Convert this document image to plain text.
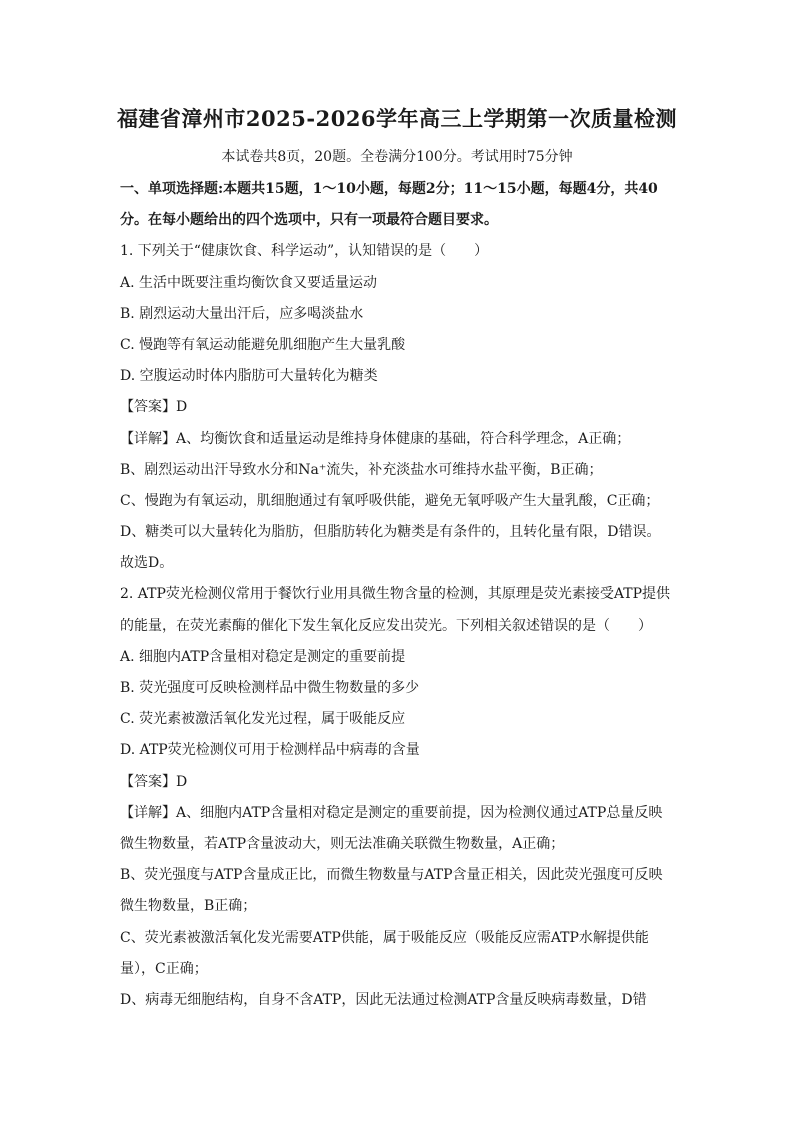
福建省漳州市2025-2026学年高三上学期第一次质量检测
本试卷共8页，20题。全卷满分100分。考试用时75分钟
一、单项选择题:本题共15题，1～10小题，每题2分；11～15小题，每题4分，共40
分。在每小题给出的四个选项中，只有一项最符合题目要求。
1. 下列关于“健康饮食、科学运动”，认知错误的是（　　）
A. 生活中既要注重均衡饮食又要适量运动
B. 剧烈运动大量出汗后，应多喝淡盐水
C. 慢跑等有氧运动能避免肌细胞产生大量乳酸
D. 空腹运动时体内脂肪可大量转化为糖类
【答案】D
【详解】A、均衡饮食和适量运动是维持身体健康的基础，符合科学理念，A正确；
B、剧烈运动出汗导致水分和Na⁺流失，补充淡盐水可维持水盐平衡，B正确；
C、慢跑为有氧运动，肌细胞通过有氧呼吸供能，避免无氧呼吸产生大量乳酸，C正确；
D、糖类可以大量转化为脂肪，但脂肪转化为糖类是有条件的，且转化量有限，D错误。
故选D。
2. ATP荧光检测仪常用于餐饮行业用具微生物含量的检测，其原理是荧光素接受ATP提供
的能量，在荧光素酶的催化下发生氧化反应发出荧光。下列相关叙述错误的是（　　）
A. 细胞内ATP含量相对稳定是测定的重要前提
B. 荧光强度可反映检测样品中微生物数量的多少
C. 荧光素被激活氧化发光过程，属于吸能反应
D. ATP荧光检测仪可用于检测样品中病毒的含量
【答案】D
【详解】A、细胞内ATP含量相对稳定是测定的重要前提，因为检测仪通过ATP总量反映
微生物数量，若ATP含量波动大，则无法准确关联微生物数量，A正确；
B、荧光强度与ATP含量成正比，而微生物数量与ATP含量正相关，因此荧光强度可反映
微生物数量，B正确；
C、荧光素被激活氧化发光需要ATP供能，属于吸能反应（吸能反应需ATP水解提供能
量），C正确；
D、病毒无细胞结构，自身不含ATP，因此无法通过检测ATP含量反映病毒数量，D错
